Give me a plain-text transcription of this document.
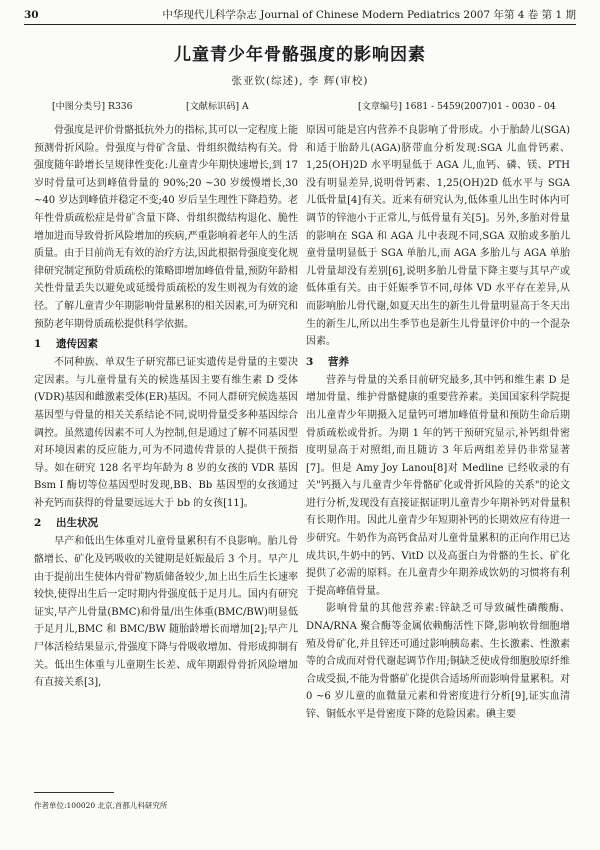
30	中华现代儿科学杂志 Journal of Chinese Modern Pediatrics 2007 年第 4 卷 第 1 期
儿童青少年骨骼强度的影响因素
张亚钦(综述), 李 辉(审校)
[中图分类号] R336	[文献标识码] A	[文章编号] 1681 - 5459(2007)01 - 0030 - 04

骨强度是评价骨骼抵抗外力的指标,其可以一定程度上能预测骨折风险。骨强度与骨矿含量、骨组织微结构有关。骨强度随年龄增长呈规律性变化:儿童青少年期快速增长,到 17 岁时骨量可达到峰值骨量的 90%;20 ~30 岁缓慢增长,30 ~40 岁达到峰值并稳定不变;40 岁后呈生理性下降趋势。老年性骨质疏松症是骨矿含量下降、骨组织微结构退化、脆性增加进而导致骨折风险增加的疾病,严重影响着老年人的生活质量。由于目前尚无有效的治疗方法,因此根据骨强度变化规律研究制定预防骨质疏松的策略即增加峰值骨量,预防年龄相关性骨量丢失以避免或延缓骨质疏松的发生则视为有效的途径。了解儿童青少年期影响骨量累积的相关因素,可为研究和预防老年期骨质疏松提供科学依据。

1 遗传因素

不同种族、单双生子研究都已证实遗传是骨量的主要决定因素。与儿童骨量有关的候选基因主要有维生素 D 受体(VDR)基因和雌激素受体(ER)基因。不同人群研究候选基因基因型与骨量的相关关系结论不同,说明骨量受多种基因综合调控。虽然遗传因素不可人为控制,但是通过了解不同基因型对环境因素的反应能力,可为不同遗传背景的人提供干预指导。如在研究 128 名平均年龄为 8 岁的女孩的 VDR 基因 Bsm I 酶切等位基因型时发现,BB、Bb 基因型的女孩通过补充钙而获得的骨量要远远大于 bb 的女孩[11]。

2 出生状况

早产和低出生体重对儿童骨量累积有不良影响。胎儿骨骼增长、矿化及钙吸收的关键期是妊娠最后 3 个月。早产儿由于提前出生使体内骨矿物质储备较少,加上出生后生长速率较快,使得出生后一定时期内骨强度低于足月儿。国内有研究证实,早产儿骨量(BMC)和骨量/出生体重(BMC/BW)明显低于足月儿,BMC 和 BMC/BW 随胎龄增长而增加[2];早产儿尸体活检结果显示,骨强度下降与骨吸收增加、骨形成抑制有关。低出生体重与儿童期生长差、成年期跟骨骨折风险增加有直接关系[3],

原因可能是宫内营养不良影响了骨形成。小于胎龄儿(SGA)和适于胎龄儿(AGA)脐带血分析发现:SGA 儿血骨钙素、1,25(OH)2D 水平明显低于 AGA 儿,血钙、磷、镁、PTH 没有明显差异,说明骨钙素、1,25(OH)2D 低水平与 SGA 儿低骨量[4]有关。近来有研究认为,低体重儿出生时体内可调节的锌池小于正常儿,与低骨量有关[5]。另外,多胎对骨量的影响在 SGA 和 AGA 儿中表现不同,SGA 双胎或多胎儿童骨量明显低于 SGA 单胎儿,而 AGA 多胎儿与 AGA 单胎儿骨量却没有差别[6],说明多胎儿骨量下降主要与其早产或低体重有关。由于妊娠季节不同,母体 VD 水平存在差异,从而影响胎儿骨代谢,如夏天出生的新生儿骨量明显高于冬天出生的新生儿,所以出生季节也是新生儿骨量评价中的一个混杂因素。

3 营养

营养与骨量的关系目前研究最多,其中钙和维生素 D 是增加骨量、维护骨骼健康的重要营养素。美国国家科学院提出儿童青少年期摄入足量钙可增加峰值骨量和预防生命后期骨质疏松或骨折。为期 1 年的钙干预研究显示,补钙组骨密度明显高于对照组,而且随访 3 年后两组差异仍非常显著[7]。但是 Amy Joy Lanou[8]对 Medline 已经收录的有关"钙摄入与儿童青少年骨骼矿化或骨折风险的关系"的论文进行分析,发现没有直接证据证明儿童青少年期补钙对骨量积有长期作用。因此儿童青少年短期补钙的长期效应有待进一步研究。牛奶作为高钙食品对儿童骨量累积的正向作用已达成共识,牛奶中的钙、VitD 以及高蛋白为骨骼的生长、矿化提供了必需的原料。在儿童青少年期养成饮奶的习惯将有利于提高峰值骨量。

影响骨量的其他营养素:锌缺乏可导致碱性磷酸酶、DNA/RNA 聚合酶等金属依赖酶活性下降,影响软骨细胞增殖及骨矿化,并且锌还可通过影响胰岛素、生长激素、性激素等的合成而对骨代谢起调节作用;铜缺乏使成骨细胞胶原纤维合成受损,不能为骨骼矿化提供合适场所而影响骨量累积。对 0 ~6 岁儿童的血微量元素和骨密度进行分析[9],证实血清锌、铜低水平是骨密度下降的危险因素。碘主要

作者单位:100020 北京,首都儿科研究所
